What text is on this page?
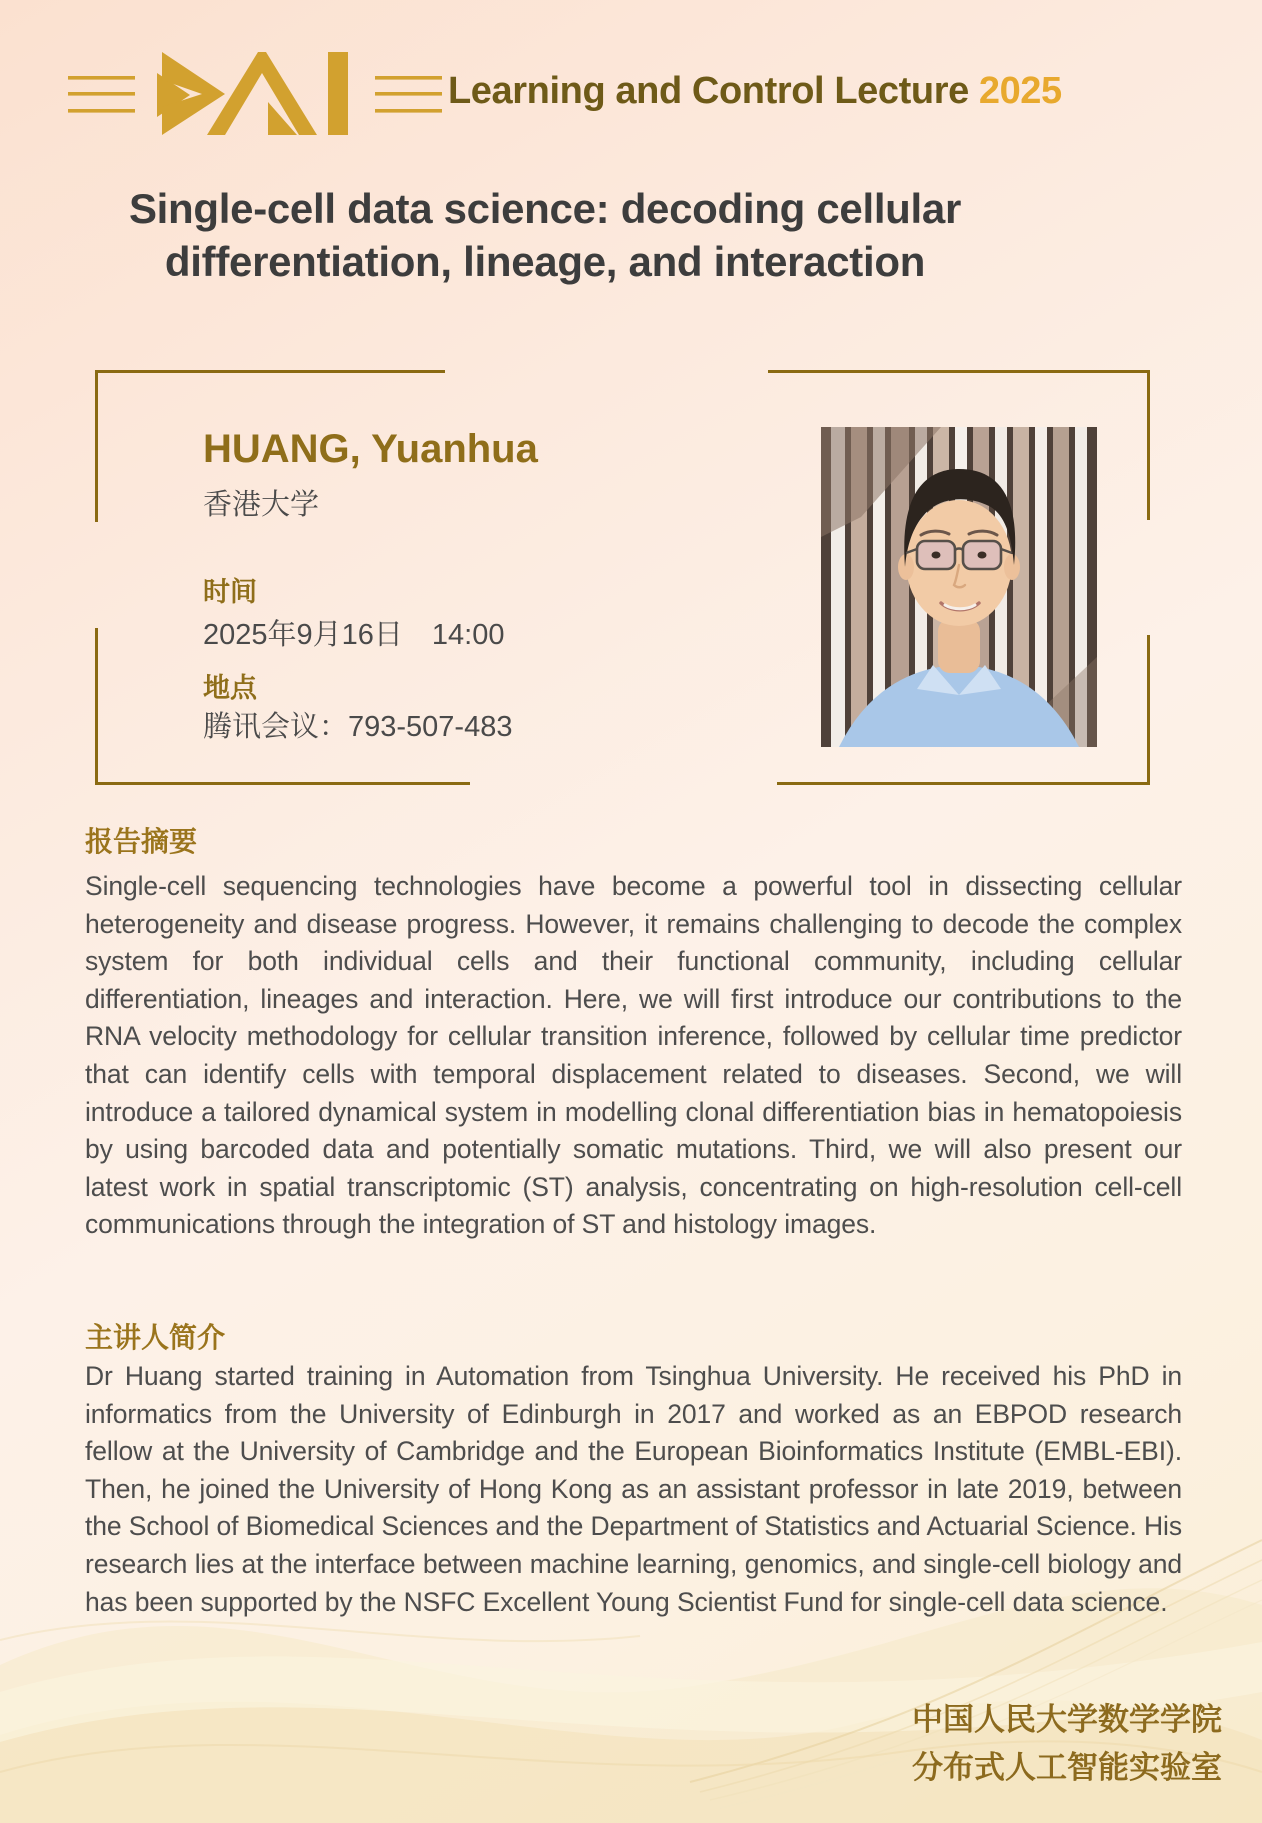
Learning and Control Lecture 2025
Single-cell data science: decoding cellular
differentiation, lineage, and interaction
HUANG, Yuanhua
香港大学
时间
2025年9月16日　14:00
地点
腾讯会议：793-507-483
报告摘要
Single-cell sequencing technologies have become a powerful tool in dissecting cellular heterogeneity and disease progress. However, it remains challenging to decode the complex system for both individual cells and their functional community, including cellular differentiation, lineages and interaction. Here, we will first introduce our contributions to the RNA velocity methodology for cellular transition inference, followed by cellular time predictor that can identify cells with temporal displacement related to diseases. Second, we will introduce a tailored dynamical system in modelling clonal differentiation bias in hematopoiesis by using barcoded data and potentially somatic mutations. Third, we will also present our latest work in spatial transcriptomic (ST) analysis, concentrating on high-resolution cell-cell communications through the integration of ST and histology images.
主讲人简介
Dr Huang started training in Automation from Tsinghua University. He received his PhD in informatics from the University of Edinburgh in 2017 and worked as an EBPOD research fellow at the University of Cambridge and the European Bioinformatics Institute (EMBL-EBI). Then, he joined the University of Hong Kong as an assistant professor in late 2019, between the School of Biomedical Sciences and the Department of Statistics and Actuarial Science. His research lies at the interface between machine learning, genomics, and single-cell biology and has been supported by the NSFC Excellent Young Scientist Fund for single-cell data science.
中国人民大学数学学院
分布式人工智能实验室
